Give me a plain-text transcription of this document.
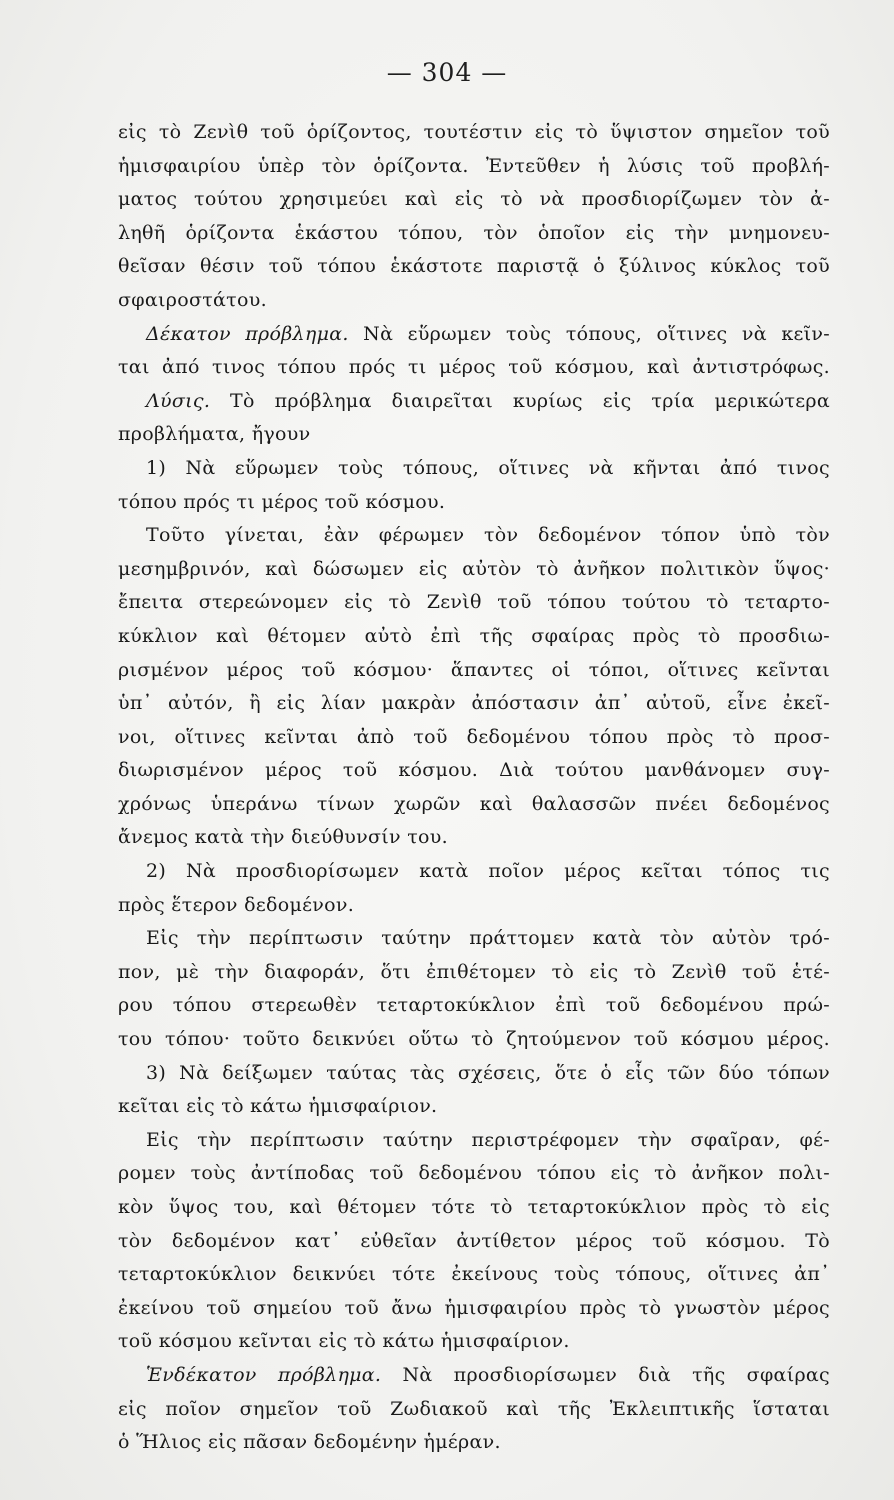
— 304 —
εἰς τὸ Ζενὶθ τοῦ ὁρίζοντος, τουτέστιν εἰς τὸ ὕψιστον σημεῖον τοῦ
ἡμισφαιρίου ὑπὲρ τὸν ὁρίζοντα. Ἐντεῦθεν ἡ λύσις τοῦ προβλή-
ματος τούτου χρησιμεύει καὶ εἰς τὸ νὰ προσδιορίζωμεν τὸν ἀ-
ληθῆ ὁρίζοντα ἑκάστου τόπου, τὸν ὁποῖον εἰς τὴν μνημονευ-
θεῖσαν θέσιν τοῦ τόπου ἑκάστοτε παριστᾷ ὁ ξύλινος κύκλος τοῦ
σφαιροστάτου.
Δέκατον πρόβλημα. Νὰ εὕρωμεν τοὺς τόπους, οἵτινες νὰ κεῖν-
ται ἀπό τινος τόπου πρός τι μέρος τοῦ κόσμου, καὶ ἀντιστρόφως.
Λύσις. Τὸ πρόβλημα διαιρεῖται κυρίως εἰς τρία μερικώτερα
προβλήματα, ἤγουν
1) Νὰ εὕρωμεν τοὺς τόπους, οἵτινες νὰ κῆνται ἀπό τινος
τόπου πρός τι μέρος τοῦ κόσμου.
Τοῦτο γίνεται, ἐὰν φέρωμεν τὸν δεδομένον τόπον ὑπὸ τὸν
μεσημβρινόν, καὶ δώσωμεν εἰς αὐτὸν τὸ ἀνῆκον πολιτικὸν ὕψος·
ἔπειτα στερεώνομεν εἰς τὸ Ζενὶθ τοῦ τόπου τούτου τὸ τεταρτο-
κύκλιον καὶ θέτομεν αὐτὸ ἐπὶ τῆς σφαίρας πρὸς τὸ προσδιω-
ρισμένον μέρος τοῦ κόσμου· ἅπαντες οἱ τόποι, οἵτινες κεῖνται
ὑπ᾿ αὐτόν, ἢ εἰς λίαν μακρὰν ἀπόστασιν ἀπ᾿ αὐτοῦ, εἶνε ἐκεῖ-
νοι, οἵτινες κεῖνται ἀπὸ τοῦ δεδομένου τόπου πρὸς τὸ προσ-
διωρισμένον μέρος τοῦ κόσμου. Διὰ τούτου μανθάνομεν συγ-
χρόνως ὑπεράνω τίνων χωρῶν καὶ θαλασσῶν πνέει δεδομένος
ἄνεμος κατὰ τὴν διεύθυνσίν του.
2) Νὰ προσδιορίσωμεν κατὰ ποῖον μέρος κεῖται τόπος τις
πρὸς ἕτερον δεδομένον.
Εἰς τὴν περίπτωσιν ταύτην πράττομεν κατὰ τὸν αὐτὸν τρό-
πον, μὲ τὴν διαφοράν, ὅτι ἐπιθέτομεν τὸ εἰς τὸ Ζενὶθ τοῦ ἑτέ-
ρου τόπου στερεωθὲν τεταρτοκύκλιον ἐπὶ τοῦ δεδομένου πρώ-
του τόπου· τοῦτο δεικνύει οὕτω τὸ ζητούμενον τοῦ κόσμου μέρος.
3) Νὰ δείξωμεν ταύτας τὰς σχέσεις, ὅτε ὁ εἷς τῶν δύο τόπων
κεῖται εἰς τὸ κάτω ἡμισφαίριον.
Εἰς τὴν περίπτωσιν ταύτην περιστρέφομεν τὴν σφαῖραν, φέ-
ρομεν τοὺς ἀντίποδας τοῦ δεδομένου τόπου εἰς τὸ ἀνῆκον πολι-
κὸν ὕψος του, καὶ θέτομεν τότε τὸ τεταρτοκύκλιον πρὸς τὸ εἰς
τὸν δεδομένον κατ᾿ εὐθεῖαν ἀντίθετον μέρος τοῦ κόσμου. Τὸ
τεταρτοκύκλιον δεικνύει τότε ἐκείνους τοὺς τόπους, οἵτινες ἀπ᾿
ἐκείνου τοῦ σημείου τοῦ ἄνω ἡμισφαιρίου πρὸς τὸ γνωστὸν μέρος
τοῦ κόσμου κεῖνται εἰς τὸ κάτω ἡμισφαίριον.
Ἑνδέκατον πρόβλημα. Νὰ προσδιορίσωμεν διὰ τῆς σφαίρας
εἰς ποῖον σημεῖον τοῦ Ζωδιακοῦ καὶ τῆς Ἐκλειπτικῆς ἵσταται
ὁ Ἥλιος εἰς πᾶσαν δεδομένην ἡμέραν.
